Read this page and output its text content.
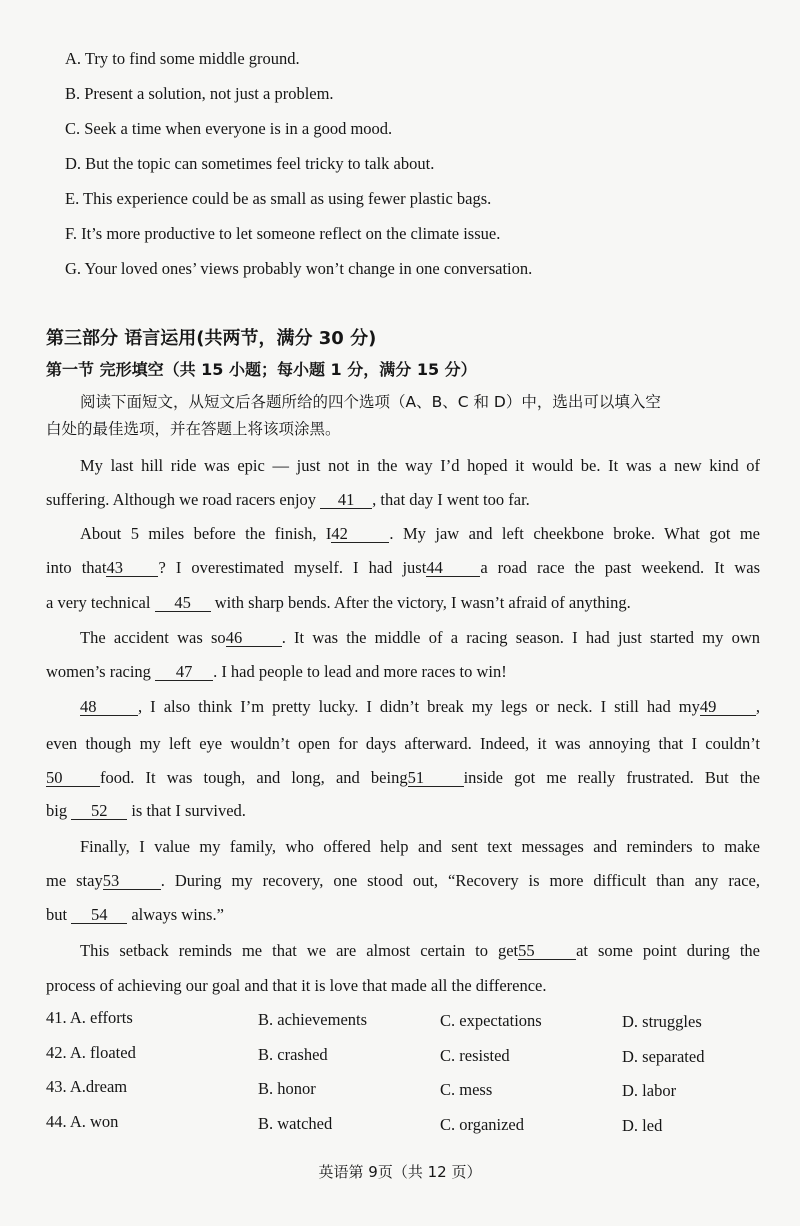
A. Try to find some middle ground.
B. Present a solution, not just a problem.
C. Seek a time when everyone is in a good mood.
D. But the topic can sometimes feel tricky to talk about.
E. This experience could be as small as using fewer plastic bags.
F. It’s more productive to let someone reflect on the climate issue.
G. Your loved ones’ views probably won’t change in one conversation.
第三部分 语言运用(共两节，满分 30 分)
第一节 完形填空（共 15 小题；每小题 1 分，满分 15 分）
阅读下面短文，从短文后各题所给的四个选项（A、B、C 和 D）中，选出可以填入空
白处的最佳选项，并在答题上将该项涂黑。
My last hill ride was epic — just not in the way I’d hoped it would be. It was a new kind of
suffering. Although we road racers enjoy 41 , that day I went too far.
About 5 miles before the finish, I42	. My jaw and left cheekbone broke. What got me
into that43 ? I overestimated myself. I had just44 a road race the past weekend. It was
a very technical 45 with sharp bends. After the victory, I wasn’t afraid of anything.
The accident was so46 . It was the middle of a racing season. I had just started my own
women’s racing 47 . I had people to lead and more races to win!
48	, I also think I’m pretty lucky. I didn’t break my legs or neck. I still had my49 ,
even though my left eye wouldn’t open for days afterward. Indeed, it was annoying that I couldn’t
50 food. It was tough, and long, and being51 inside got me really frustrated. But the
big 52 is that I survived.
Finally, I value my family, who offered help and sent text messages and reminders to make
me stay53	. During my recovery, one stood out, “Recovery is more difficult than any race,
but 54 always wins.”
This setback reminds me that we are almost certain to get55	at some point during the
process of achieving our goal and that it is love that made all the difference.
41. A. efforts	B. achievements	C. expectations	D. struggles
42. A. floated	B. crashed	C. resisted	D. separated
43. A.dream	B. honor	C. mess	D. labor
44. A. won	B. watched	C. organized	D. led
英语第 9页（共 12 页）
